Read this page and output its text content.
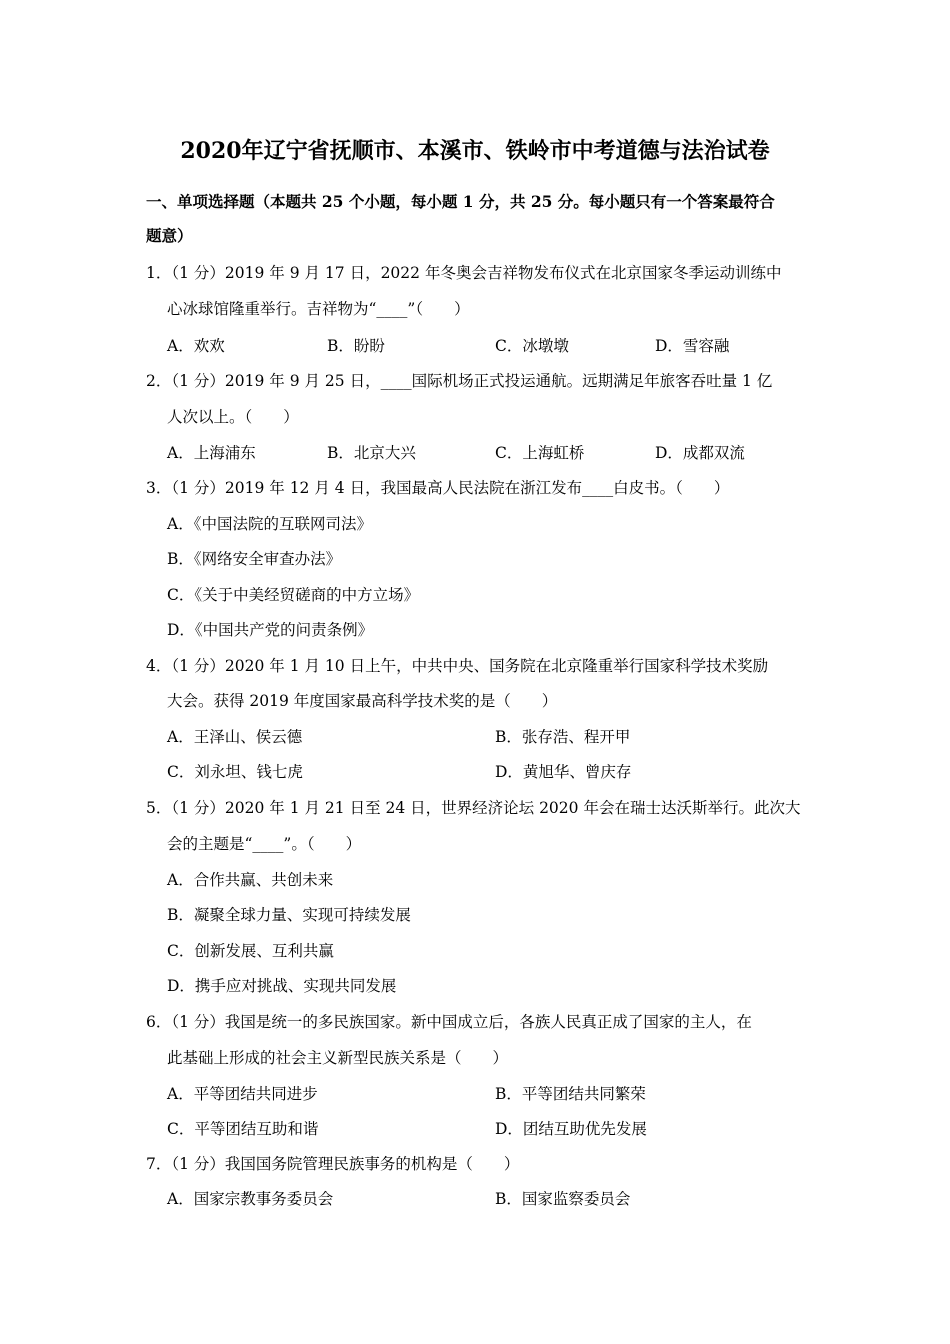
2020年辽宁省抚顺市、本溪市、铁岭市中考道德与法治试卷
一、单项选择题（本题共 25 个小题，每小题 1 分，共 25 分。每小题只有一个答案最符合
题意）
1．（1 分）2019 年 9 月 17 日，2022 年冬奥会吉祥物发布仪式在北京国家冬季运动训练中
心冰球馆隆重举行。吉祥物为“____”（　　）
A．欢欢	B．盼盼	C．冰墩墩	D．雪容融
2．（1 分）2019 年 9 月 25 日，____国际机场正式投运通航。远期满足年旅客吞吐量 1 亿
人次以上。（　　）
A．上海浦东	B．北京大兴	C．上海虹桥	D．成都双流
3．（1 分）2019 年 12 月 4 日，我国最高人民法院在浙江发布____白皮书。（　　）
A．《中国法院的互联网司法》
B．《网络安全审查办法》
C．《关于中美经贸磋商的中方立场》
D．《中国共产党的问责条例》
4．（1 分）2020 年 1 月 10 日上午，中共中央、国务院在北京隆重举行国家科学技术奖励
大会。获得 2019 年度国家最高科学技术奖的是（　　）
A．王泽山、侯云德	B．张存浩、程开甲
C．刘永坦、钱七虎	D．黄旭华、曾庆存
5．（1 分）2020 年 1 月 21 日至 24 日，世界经济论坛 2020 年会在瑞士达沃斯举行。此次大
会的主题是“____”。（　　）
A．合作共赢、共创未来
B．凝聚全球力量、实现可持续发展
C．创新发展、互利共赢
D．携手应对挑战、实现共同发展
6．（1 分）我国是统一的多民族国家。新中国成立后，各族人民真正成了国家的主人，在
此基础上形成的社会主义新型民族关系是（　　）
A．平等团结共同进步	B．平等团结共同繁荣
C．平等团结互助和谐	D．团结互助优先发展
7．（1 分）我国国务院管理民族事务的机构是（　　）
A．国家宗教事务委员会	B．国家监察委员会
